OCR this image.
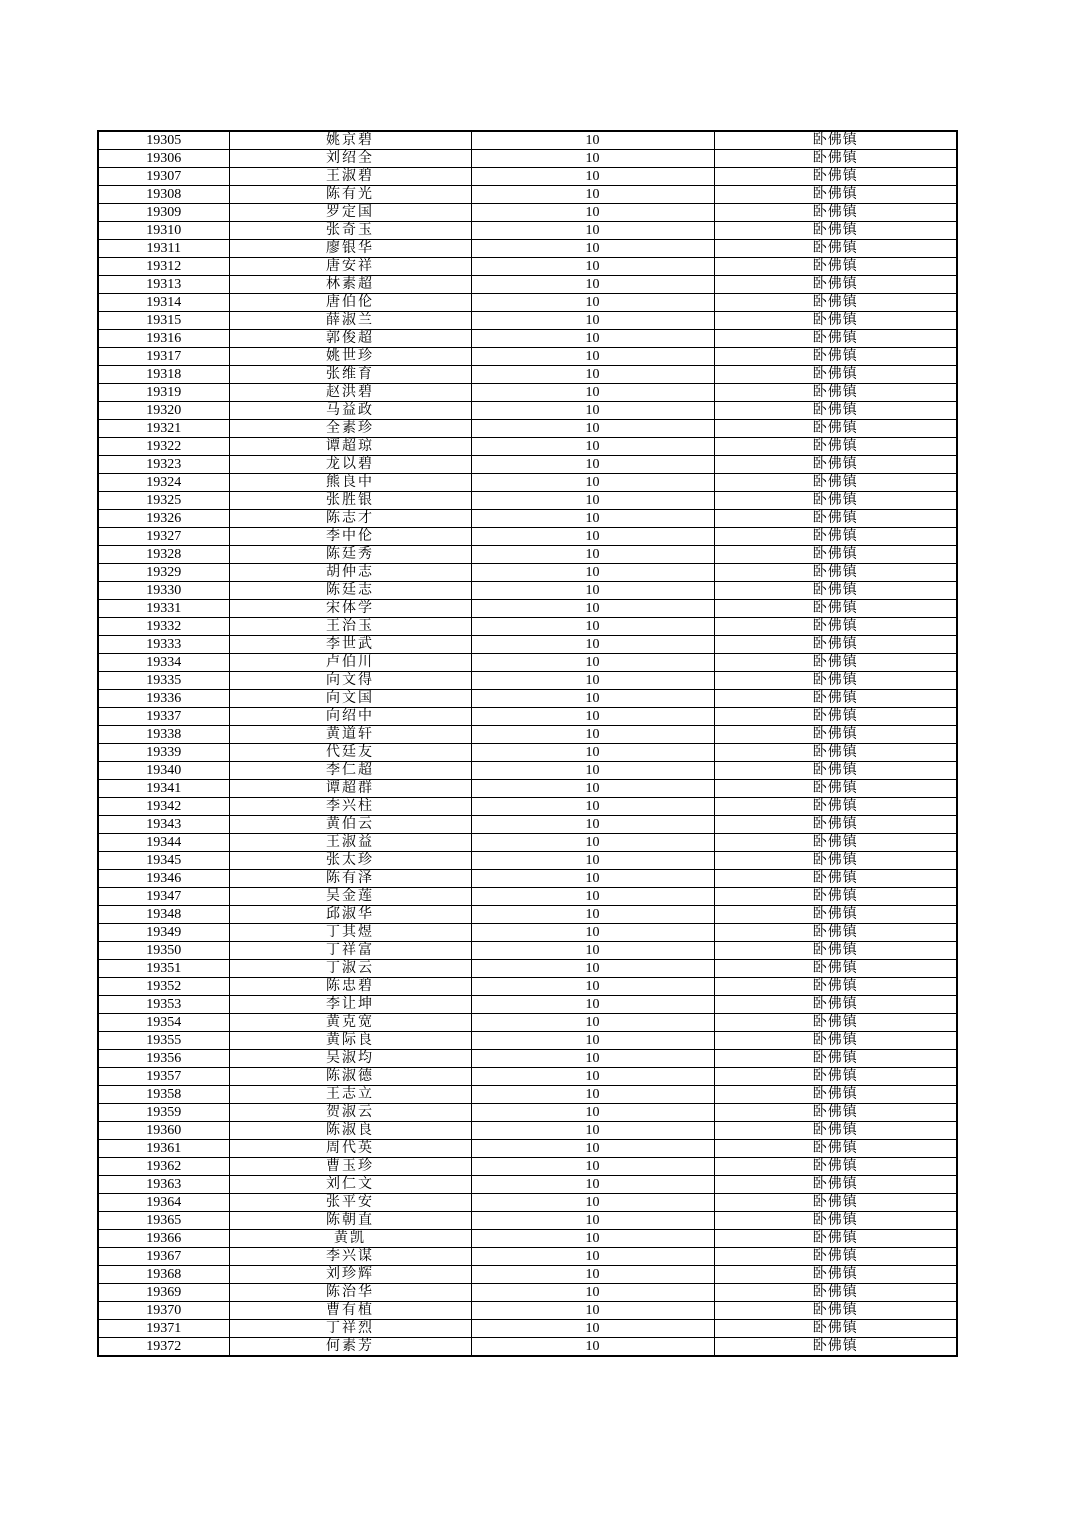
19305	姚京碧	10	卧佛镇
19306	刘绍全	10	卧佛镇
19307	王淑碧	10	卧佛镇
19308	陈有光	10	卧佛镇
19309	罗定国	10	卧佛镇
19310	张奇玉	10	卧佛镇
19311	廖银华	10	卧佛镇
19312	唐安祥	10	卧佛镇
19313	林素超	10	卧佛镇
19314	唐伯伦	10	卧佛镇
19315	薛淑兰	10	卧佛镇
19316	郭俊超	10	卧佛镇
19317	姚世珍	10	卧佛镇
19318	张维育	10	卧佛镇
19319	赵洪碧	10	卧佛镇
19320	马益政	10	卧佛镇
19321	全素珍	10	卧佛镇
19322	谭超琼	10	卧佛镇
19323	龙以碧	10	卧佛镇
19324	熊良中	10	卧佛镇
19325	张胜银	10	卧佛镇
19326	陈志才	10	卧佛镇
19327	李中伦	10	卧佛镇
19328	陈廷秀	10	卧佛镇
19329	胡仲志	10	卧佛镇
19330	陈廷志	10	卧佛镇
19331	宋体学	10	卧佛镇
19332	王治玉	10	卧佛镇
19333	李世武	10	卧佛镇
19334	卢伯川	10	卧佛镇
19335	向文得	10	卧佛镇
19336	向文国	10	卧佛镇
19337	向绍中	10	卧佛镇
19338	黄道轩	10	卧佛镇
19339	代廷友	10	卧佛镇
19340	李仁超	10	卧佛镇
19341	谭超群	10	卧佛镇
19342	李兴柱	10	卧佛镇
19343	黄伯云	10	卧佛镇
19344	王淑益	10	卧佛镇
19345	张太珍	10	卧佛镇
19346	陈有泽	10	卧佛镇
19347	吴金莲	10	卧佛镇
19348	邱淑华	10	卧佛镇
19349	丁其煜	10	卧佛镇
19350	丁祥富	10	卧佛镇
19351	丁淑云	10	卧佛镇
19352	陈忠碧	10	卧佛镇
19353	李让坤	10	卧佛镇
19354	黄克宽	10	卧佛镇
19355	黄际良	10	卧佛镇
19356	吴淑均	10	卧佛镇
19357	陈淑德	10	卧佛镇
19358	王志立	10	卧佛镇
19359	贺淑云	10	卧佛镇
19360	陈淑良	10	卧佛镇
19361	周代英	10	卧佛镇
19362	曹玉珍	10	卧佛镇
19363	刘仁文	10	卧佛镇
19364	张平安	10	卧佛镇
19365	陈朝直	10	卧佛镇
19366	黄凯	10	卧佛镇
19367	李兴谋	10	卧佛镇
19368	刘珍辉	10	卧佛镇
19369	陈治华	10	卧佛镇
19370	曹有植	10	卧佛镇
19371	丁祥烈	10	卧佛镇
19372	何素芳	10	卧佛镇
